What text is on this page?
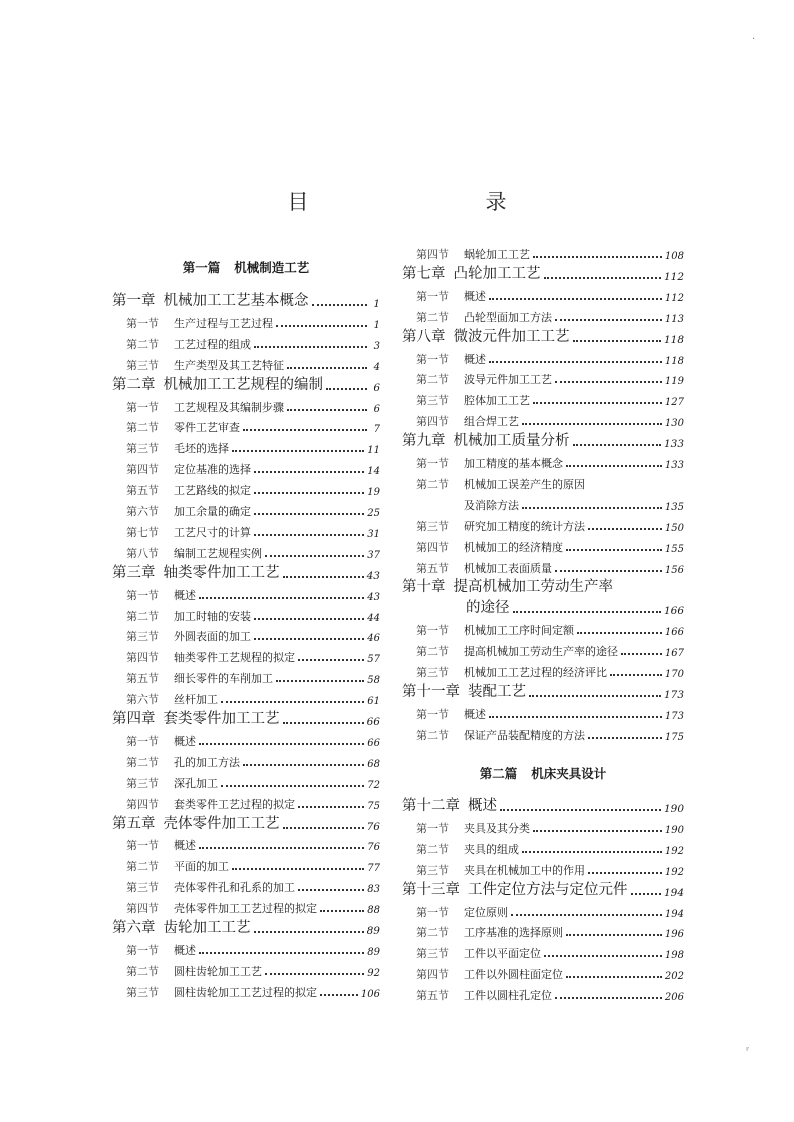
目　录
第一篇 机械制造工艺
第一章 机械加工工艺基本概念	1
第一节	生产过程与工艺过程	1
第二节	工艺过程的组成	3
第三节	生产类型及其工艺特征	4
第二章 机械加工工艺规程的编制	6
第一节	工艺规程及其编制步骤	6
第二节	零件工艺审查	7
第三节	毛坯的选择	11
第四节	定位基准的选择	14
第五节	工艺路线的拟定	19
第六节	加工余量的确定	25
第七节	工艺尺寸的计算	31
第八节	编制工艺规程实例	37
第三章 轴类零件加工工艺	43
第一节	概述	43
第二节	加工时轴的安装	44
第三节	外圆表面的加工	46
第四节	轴类零件工艺规程的拟定	57
第五节	细长零件的车削加工	58
第六节	丝杆加工	61
第四章 套类零件加工工艺	66
第一节	概述	66
第二节	孔的加工方法	68
第三节	深孔加工	72
第四节	套类零件工艺过程的拟定	75
第五章 壳体零件加工工艺	76
第一节	概述	76
第二节	平面的加工	77
第三节	壳体零件孔和孔系的加工	83
第四节	壳体零件加工工艺过程的拟定	88
第六章 齿轮加工工艺	89
第一节	概述	89
第二节	圆柱齿轮加工工艺	92
第三节	圆柱齿轮加工工艺过程的拟定	106
第四节	蜗轮加工工艺	108
第七章 凸轮加工工艺	112
第一节	概述	112
第二节	凸轮型面加工方法	113
第八章 微波元件加工工艺	118
第一节	概述	118
第二节	波导元件加工工艺	119
第三节	腔体加工工艺	127
第四节	组合焊工艺	130
第九章 机械加工质量分析	133
第一节	加工精度的基本概念	133
第二节	机械加工误差产生的原因
及消除方法	135
第三节	研究加工精度的统计方法	150
第四节	机械加工的经济精度	155
第五节	机械加工表面质量	156
第十章 提高机械加工劳动生产率
的途径	166
第一节	机械加工工序时间定额	166
第二节	提高机械加工劳动生产率的途径	167
第三节	机械加工工艺过程的经济评比	170
第十一章 装配工艺	173
第一节	概述	173
第二节	保证产品装配精度的方法	175
第二篇 机床夹具设计
第十二章 概述	190
第一节	夹具及其分类	190
第二节	夹具的组成	192
第三节	夹具在机械加工中的作用	192
第十三章 工件定位方法与定位元件	194
第一节	定位原则	194
第二节	工序基准的选择原则	196
第三节	工件以平面定位	198
第四节	工件以外圆柱面定位	202
第五节	工件以圆柱孔定位	206
·
ʳ
